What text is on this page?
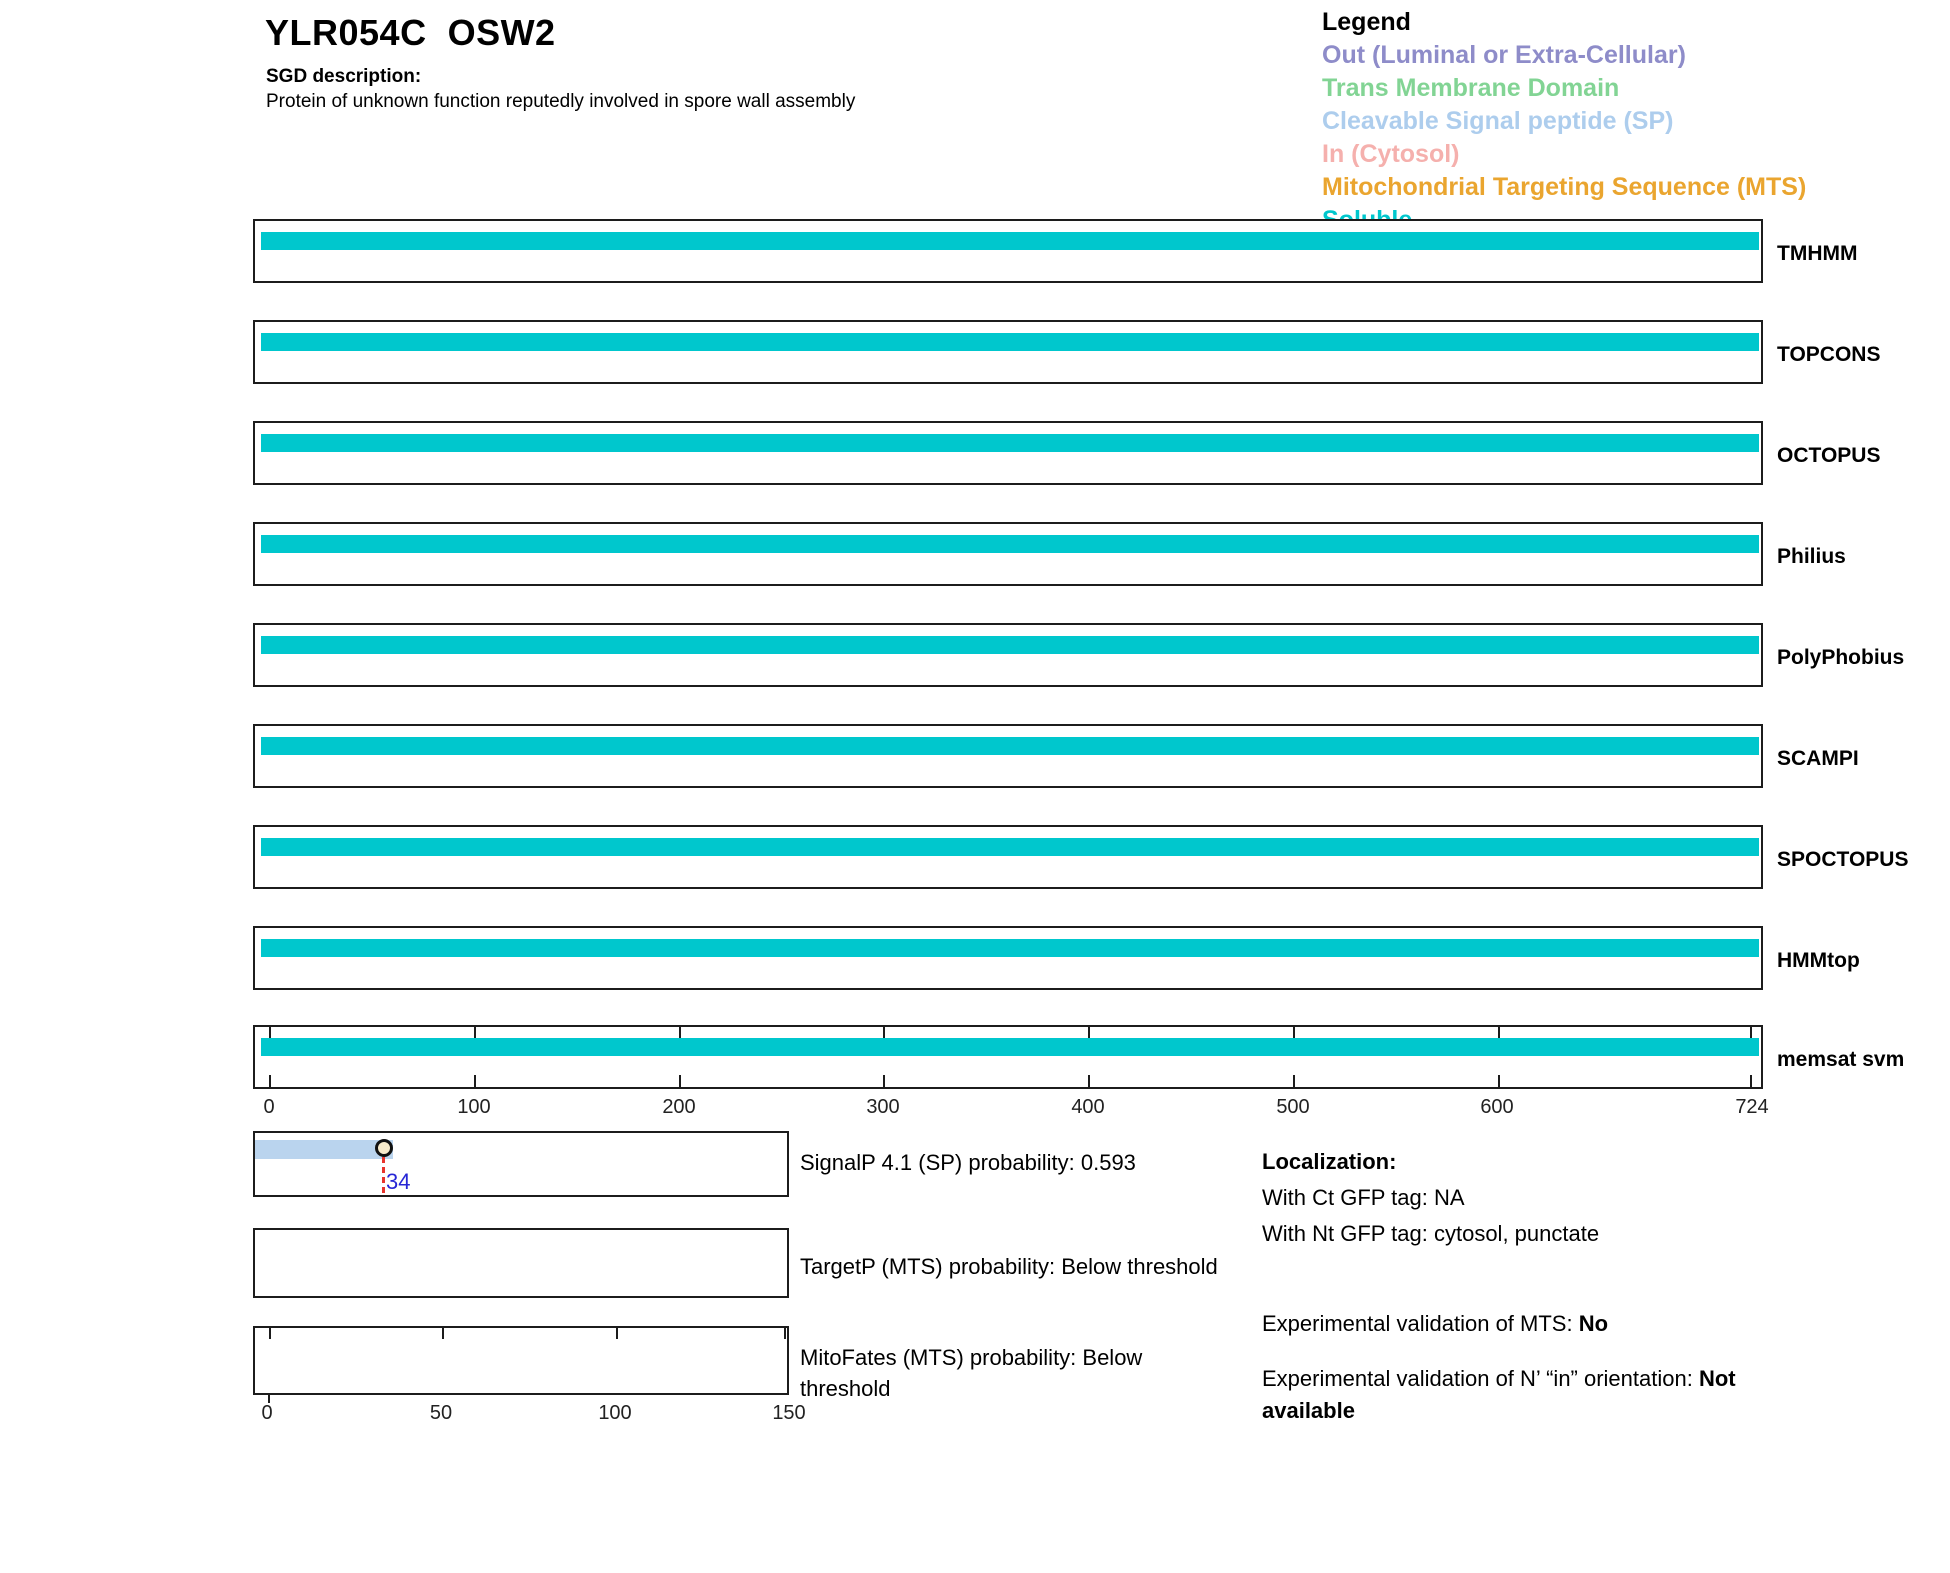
YLR054C  OSW2
SGD description:
Protein of unknown function reputedly involved in spore wall assembly
Legend
Out (Luminal or Extra-Cellular)
Trans Membrane Domain
Cleavable Signal peptide (SP)
In (Cytosol)
Mitochondrial Targeting Sequence (MTS)
TMHMM
TOPCONS
OCTOPUS
Philius
PolyPhobius
SCAMPI
SPOCTOPUS
HMMtop
memsat svm
0	100	200	300	400	500	600	724
34
SignalP 4.1 (SP) probability: 0.593
TargetP (MTS) probability: Below threshold
MitoFates (MTS) probability: Below threshold
0	50	100	150
Localization:
With Ct GFP tag: NA
With Nt GFP tag: cytosol, punctate
Experimental validation of MTS: No
Experimental validation of N’ “in” orientation: Not available
